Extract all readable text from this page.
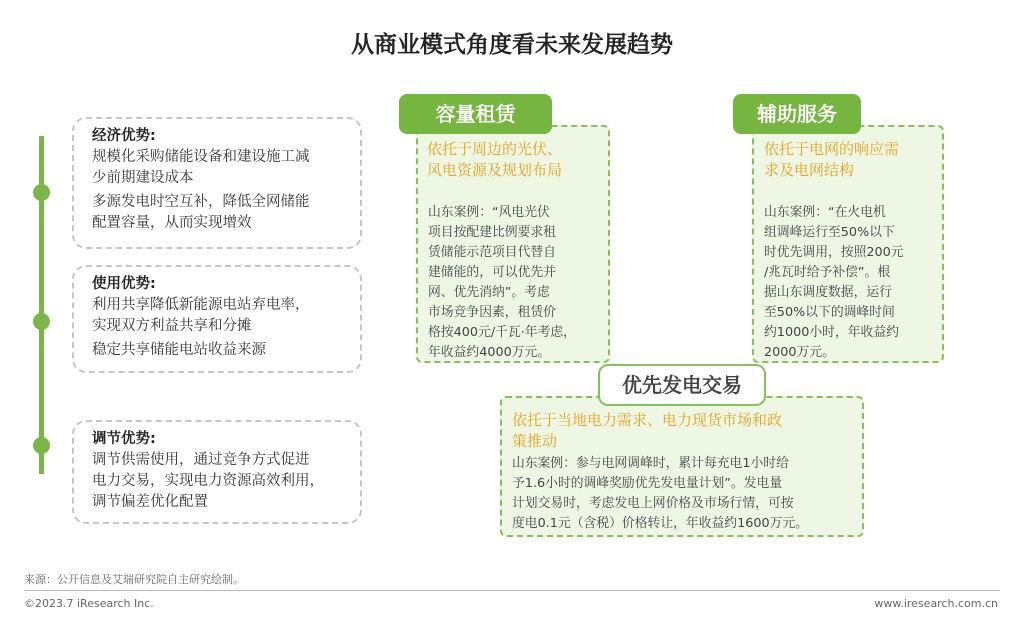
从商业模式角度看未来发展趋势

经济优势:

规模化采购储能设备和建设施工减

少前期建设成本

多源发电时空互补，降低全网储能

配置容量，从而实现增效

使用优势:

利用共享降低新能源电站弃电率，

实现双方利益共享和分摊

稳定共享储能电站收益来源

调节优势:

调节供需使用，通过竞争方式促进

电力交易，实现电力资源高效利用，

调节偏差优化配置

依托于周边的光伏、
风电资源及规划布局
山东案例：“风电光伏
项目按配建比例要求租
赁储能示范项目代替自
建储能的，可以优先并
网、优先消纳”。考虑
市场竞争因素，租赁价
格按400元/千瓦·年考虑，
年收益约4000万元。
容量租赁
依托于电网的响应需
求及电网结构
山东案例：“在火电机
组调峰运行至50%以下
时优先调用，按照200元
/兆瓦时给予补偿”。根
据山东调度数据，运行
至50%以下的调峰时间
约1000小时，年收益约
2000万元。
辅助服务
依托于当地电力需求、电力现货市场和政
策推动
山东案例：参与电网调峰时，累计每充电1小时给
予1.6小时的调峰奖励优先发电量计划”。发电量
计划交易时，考虑发电上网价格及市场行情，可按
度电0.1元（含税）价格转让，年收益约1600万元。
优先发电交易
来源：公开信息及艾瑞研究院自主研究绘制。
©2023.7 iResearch Inc.	www.iresearch.com.cn
